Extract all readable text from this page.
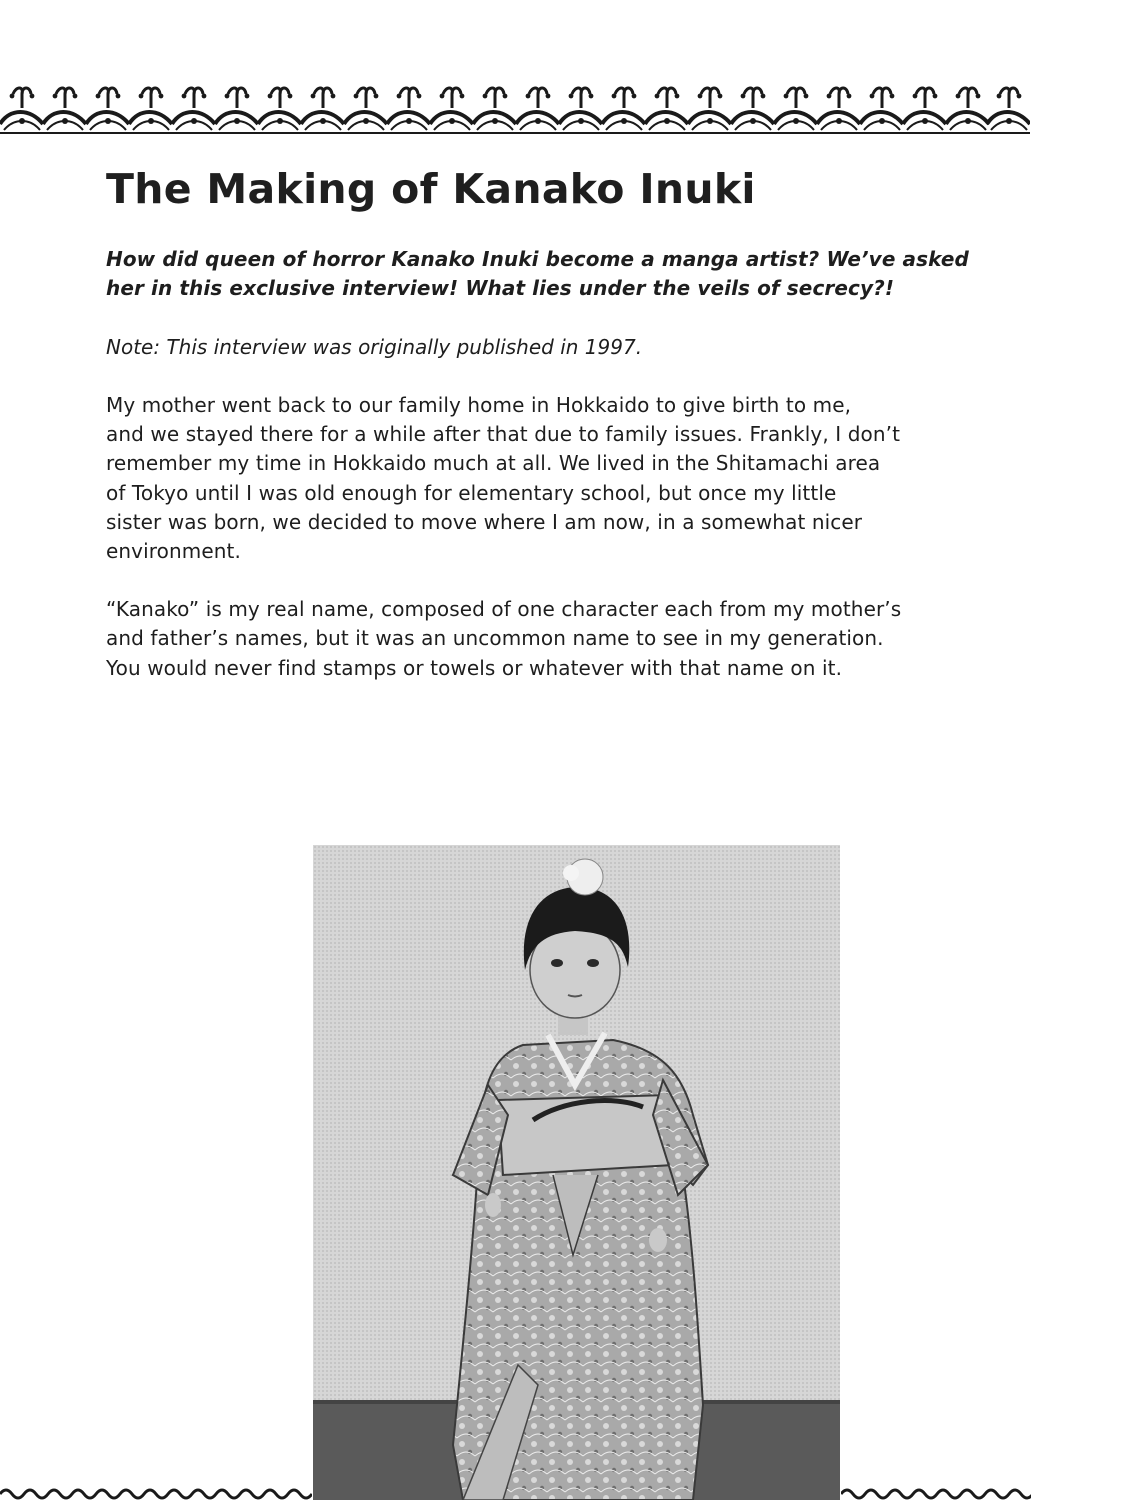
The Making of Kanako Inuki

How did queen of horror Kanako Inuki become a manga artist? We’ve asked
her in this exclusive interview! What lies under the veils of secrecy?!

Note: This interview was originally published in 1997.

My mother went back to our family home in Hokkaido to give birth to me,
and we stayed there for a while after that due to family issues. Frankly, I don’t
remember my time in Hokkaido much at all. We lived in the Shitamachi area
of Tokyo until I was old enough for elementary school, but once my little
sister was born, we decided to move where I am now, in a somewhat nicer
environment.

“Kanako” is my real name, composed of one character each from my mother’s
and father’s names, but it was an uncommon name to see in my generation.
You would never find stamps or towels or whatever with that name on it.
